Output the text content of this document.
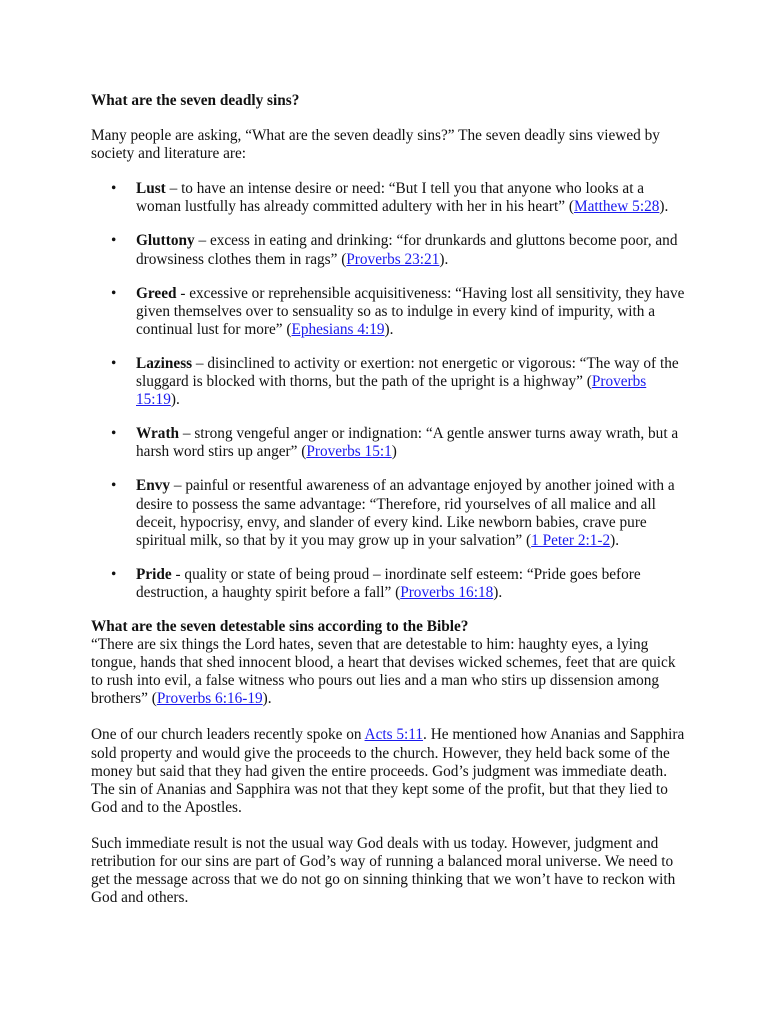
What are the seven deadly sins?

Many people are asking, “What are the seven deadly sins?” The seven deadly sins viewed by society and literature are:

• Lust – to have an intense desire or need: “But I tell you that anyone who looks at a woman lustfully has already committed adultery with her in his heart” (Matthew 5:28).
• Gluttony – excess in eating and drinking: “for drunkards and gluttons become poor, and drowsiness clothes them in rags” (Proverbs 23:21).
• Greed - excessive or reprehensible acquisitiveness: “Having lost all sensitivity, they have given themselves over to sensuality so as to indulge in every kind of impurity, with a continual lust for more” (Ephesians 4:19).
• Laziness – disinclined to activity or exertion: not energetic or vigorous: “The way of the sluggard is blocked with thorns, but the path of the upright is a highway” (Proverbs 15:19).
• Wrath – strong vengeful anger or indignation: “A gentle answer turns away wrath, but a harsh word stirs up anger” (Proverbs 15:1)
• Envy – painful or resentful awareness of an advantage enjoyed by another joined with a desire to possess the same advantage: “Therefore, rid yourselves of all malice and all deceit, hypocrisy, envy, and slander of every kind. Like newborn babies, crave pure spiritual milk, so that by it you may grow up in your salvation” (1 Peter 2:1-2).
• Pride - quality or state of being proud – inordinate self esteem: “Pride goes before destruction, a haughty spirit before a fall” (Proverbs 16:18).

What are the seven detestable sins according to the Bible?

“There are six things the Lord hates, seven that are detestable to him: haughty eyes, a lying tongue, hands that shed innocent blood, a heart that devises wicked schemes, feet that are quick to rush into evil, a false witness who pours out lies and a man who stirs up dissension among brothers” (Proverbs 6:16-19).

One of our church leaders recently spoke on Acts 5:11. He mentioned how Ananias and Sapphira sold property and would give the proceeds to the church. However, they held back some of the money but said that they had given the entire proceeds. God’s judgment was immediate death. The sin of Ananias and Sapphira was not that they kept some of the profit, but that they lied to God and to the Apostles.

Such immediate result is not the usual way God deals with us today. However, judgment and retribution for our sins are part of God’s way of running a balanced moral universe. We need to get the message across that we do not go on sinning thinking that we won’t have to reckon with God and others.
